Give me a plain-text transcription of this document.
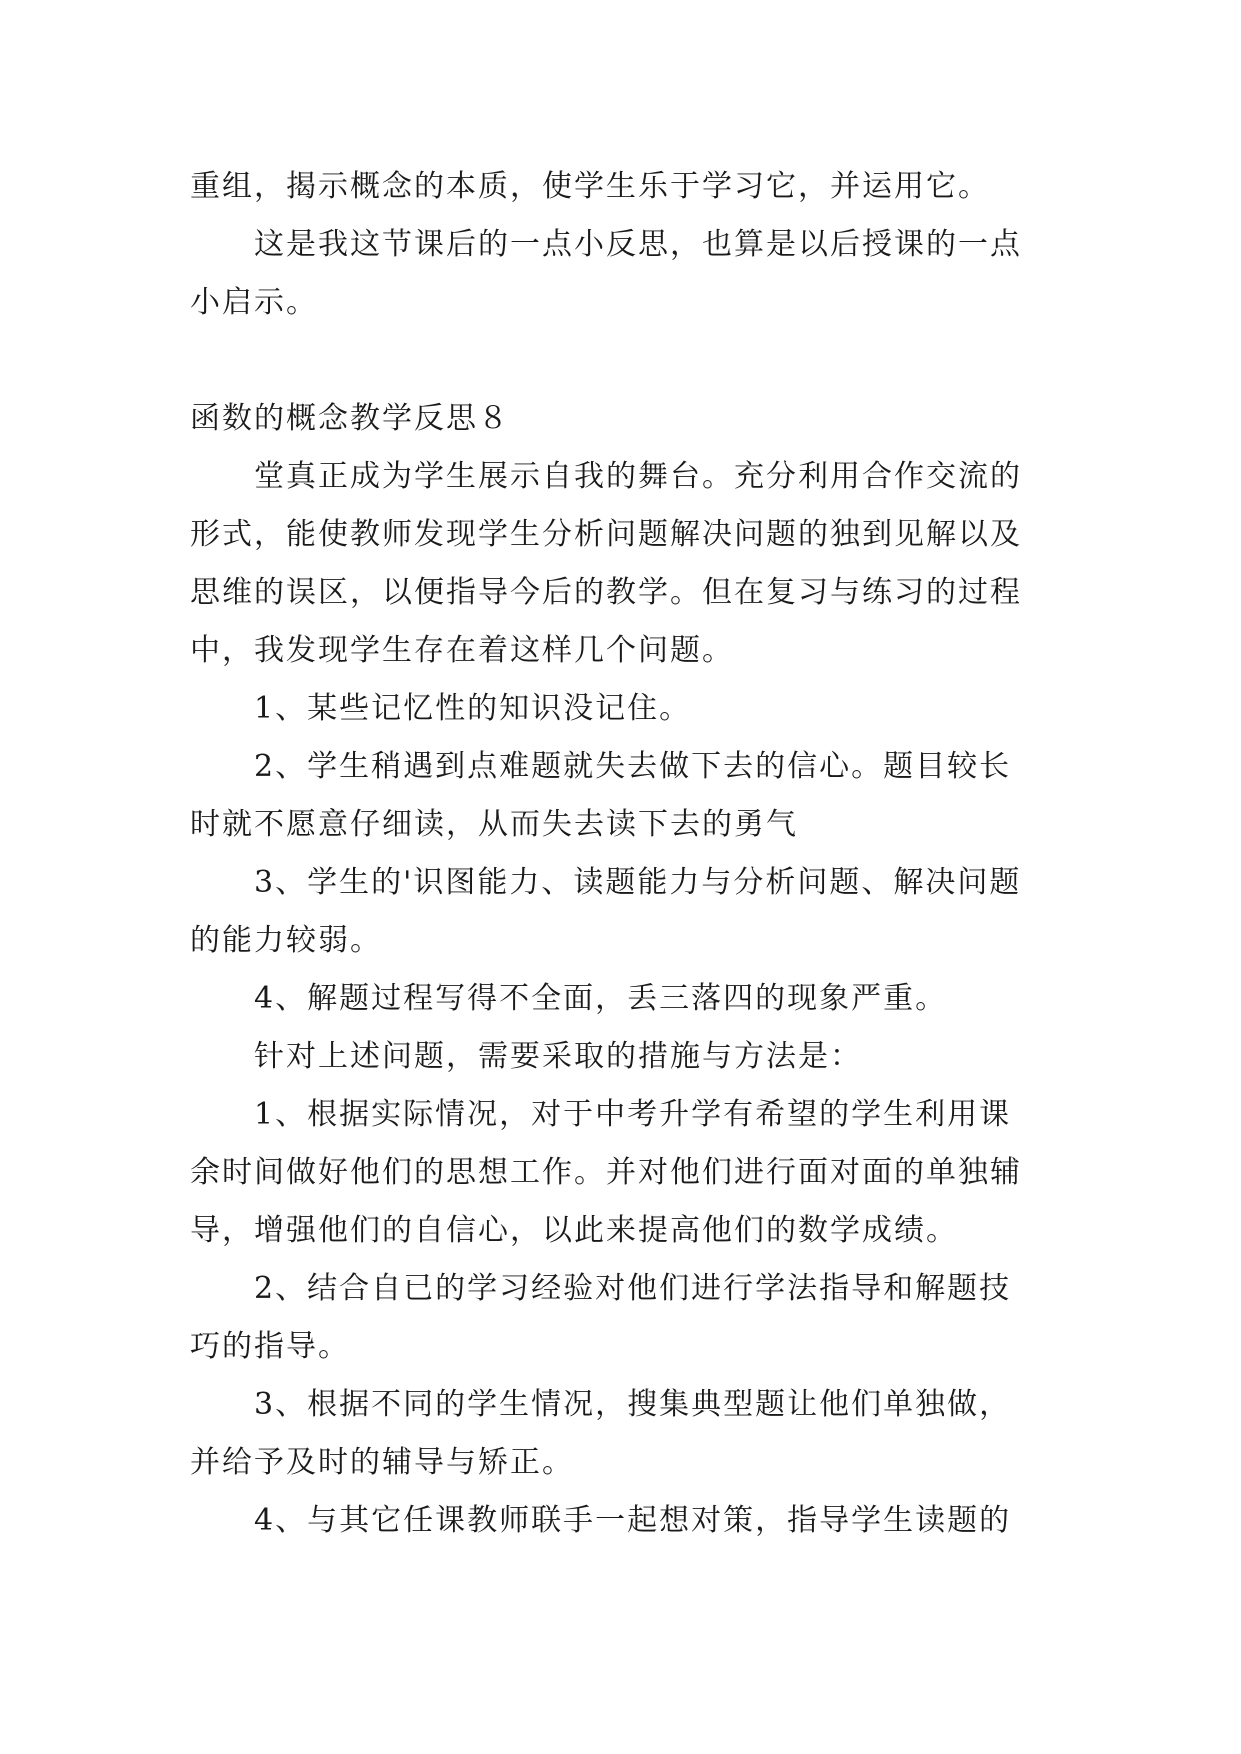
重组，揭示概念的本质，使学生乐于学习它，并运用它。
这是我这节课后的一点小反思，也算是以后授课的一点
小启示。
函数的概念教学反思８
堂真正成为学生展示自我的舞台。充分利用合作交流的
形式，能使教师发现学生分析问题解决问题的独到见解以及
思维的误区，以便指导今后的教学。但在复习与练习的过程
中，我发现学生存在着这样几个问题。
1、某些记忆性的知识没记住。
2、学生稍遇到点难题就失去做下去的信心。题目较长
时就不愿意仔细读，从而失去读下去的勇气
3、学生的'识图能力、读题能力与分析问题、解决问题
的能力较弱。
4、解题过程写得不全面，丢三落四的现象严重。
针对上述问题，需要采取的措施与方法是：
1、根据实际情况，对于中考升学有希望的学生利用课
余时间做好他们的思想工作。并对他们进行面对面的单独辅
导，增强他们的自信心，以此来提高他们的数学成绩。
2、结合自已的学习经验对他们进行学法指导和解题技
巧的指导。
3、根据不同的学生情况，搜集典型题让他们单独做，
并给予及时的辅导与矫正。
4、与其它任课教师联手一起想对策，指导学生读题的
